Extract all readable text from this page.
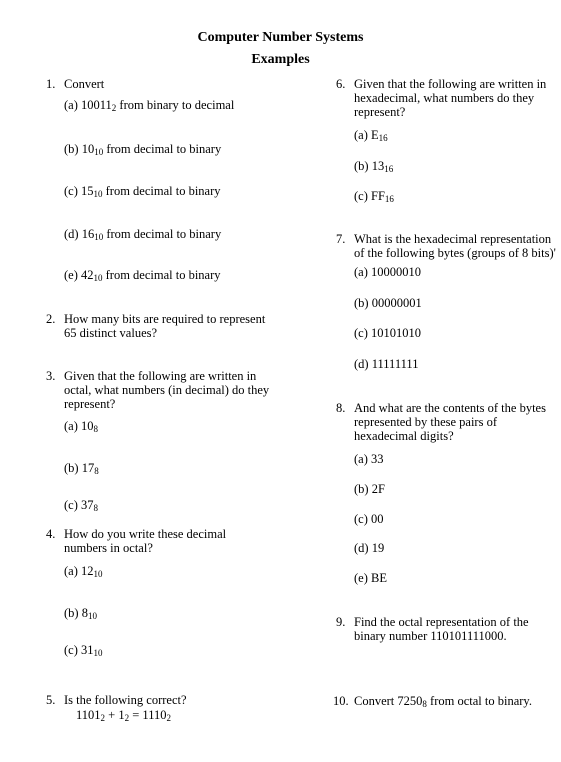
Computer Number Systems
Examples
1. Convert
(a) $10011_2$ from binary to decimal
(b) $10_{10}$ from decimal to binary
(c) $15_{10}$ from decimal to binary
(d) $16_{10}$ from decimal to binary
(e) $42_{10}$ from decimal to binary
2. How many bits are required to represent
65 distinct values?
3. Given that the following are written in
octal, what numbers (in decimal) do they
represent?
(a) $10_8$
(b) $17_8$
(c) $37_8$
4. How do you write these decimal
numbers in octal?
(a) $12_{10}$
(b) $8_{10}$
(c) $31_{10}$
5. Is the following correct?
$1101_2 + 1_2 = 1110_2$
6. Given that the following are written in
hexadecimal, what numbers do they
represent?
(a) $E_{16}$
(b) $13_{16}$
(c) $FF_{16}$
7. What is the hexadecimal representation
of the following bytes (groups of 8 bits)'
(a) 10000010
(b) 00000001
(c) 10101010
(d) 11111111
8. And what are the contents of the bytes
represented by these pairs of
hexadecimal digits?
(a) 33
(b) 2F
(c) 00
(d) 19
(e) BE
9. Find the octal representation of the
binary number 110101111000.
10. Convert $7250_8$ from octal to binary.
